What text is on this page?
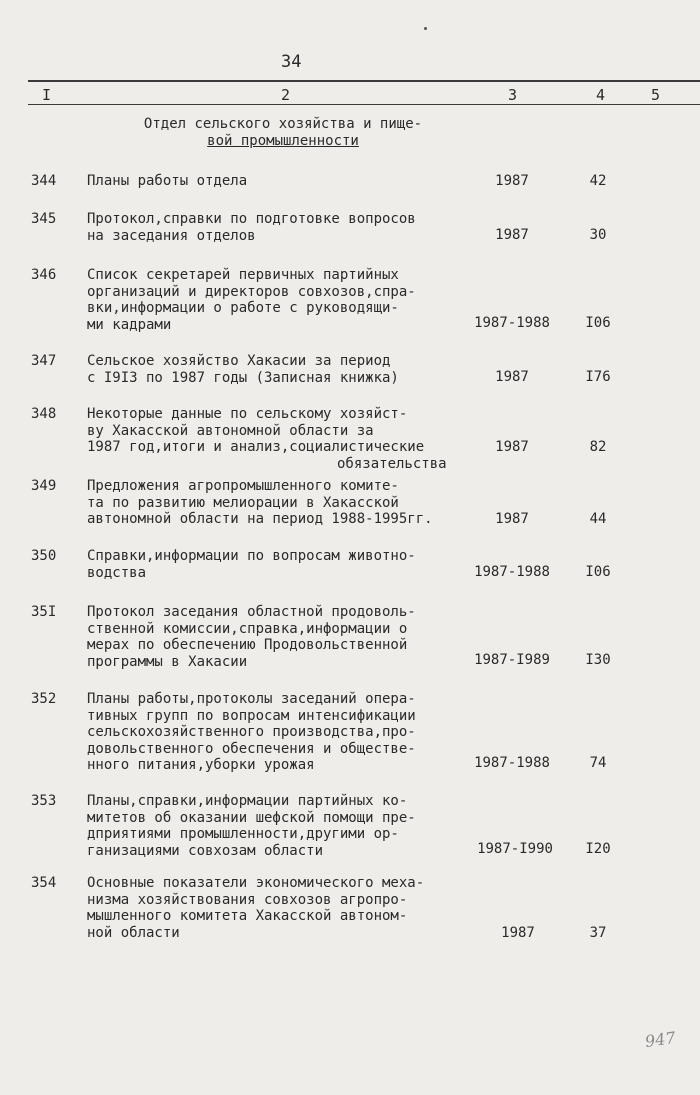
34
I	2	3	4	5
Отдел сельского хозяйства и пище-
вой промышленности
344 Планы работы отдела	1987	42
345 Протокол,справки по подготовке вопросов
на заседания отделов	1987	30
346 Список секретарей первичных партийных
организаций и директоров совхозов,спра-
вки,информации о работе с руководящи-
ми кадрами	1987-1988	I06
347 Сельское хозяйство Хакасии за период
с I9I3 по 1987 годы (Записная книжка)	1987	I76
348 Некоторые данные по сельскому хозяйст-
ву Хакасской автономной области за
1987 год,итоги и анализ,социалистические
обязательства
1987	82
349 Предложения агропромышленного комите-
та по развитию мелиорации в Хакасской
автономной области на период 1988-1995гг.	1987	44
350 Справки,информации по вопросам животно-
водства	1987-1988	I06
35I Протокол заседания областной продоволь-
ственной комиссии,справка,информации о
мерах по обеспечению Продовольственной
программы в Хакасии	1987-I989	I30
352 Планы работы,протоколы заседаний опера-
тивных групп по вопросам интенсификации
сельскохозяйственного производства,про-
довольственного обеспечения и обществе-
нного питания,уборки урожая	1987-1988	74
353 Планы,справки,информации партийных ко-
митетов об оказании шефской помощи пре-
дприятиями промышленности,другими ор-
ганизациями совхозам области	1987-I990	I20
354 Основные показатели экономического меха-
низма хозяйствования совхозов агропро-
мышленного комитета Хакасской автоном-
ной области	1987	37
947
